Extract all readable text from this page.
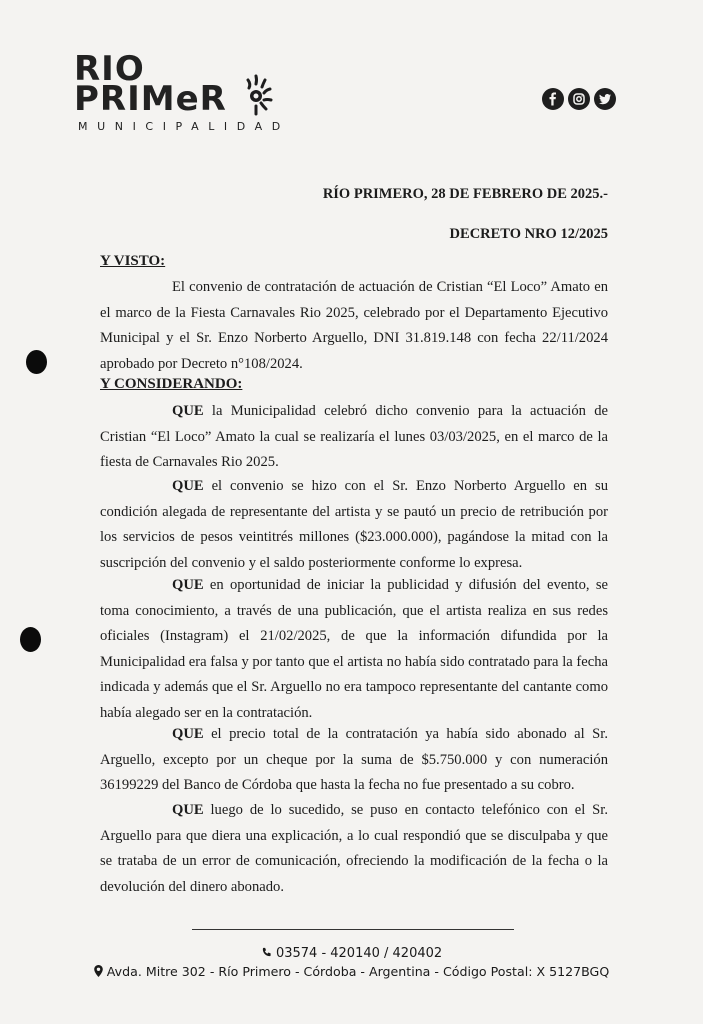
RIO
PRIMeR
MUNICIPALIDAD
RÍO PRIMERO, 28 DE FEBRERO DE 2025.-
DECRETO NRO 12/2025
Y VISTO:

El convenio de contratación de actuación de Cristian “El Loco” Amato en el marco de la Fiesta Carnavales Rio 2025, celebrado por el Departamento Ejecutivo Municipal y el Sr. Enzo Norberto Arguello, DNI 31.819.148 con fecha 22/11/2024 aprobado por Decreto n°108/2024.

Y CONSIDERANDO:

QUE la Municipalidad celebró dicho convenio para la actuación de Cristian “El Loco” Amato la cual se realizaría el lunes 03/03/2025, en el marco de la fiesta de Carnavales Rio 2025.

QUE el convenio se hizo con el Sr. Enzo Norberto Arguello en su condición alegada de representante del artista y se pautó un precio de retribución por los servicios de pesos veintitrés millones ($23.000.000), pagándose la mitad con la suscripción del convenio y el saldo posteriormente conforme lo expresa.

QUE en oportunidad de iniciar la publicidad y difusión del evento, se toma conocimiento, a través de una publicación, que el artista realiza en sus redes oficiales (Instagram) el 21/02/2025, de que la información difundida por la Municipalidad era falsa y por tanto que el artista no había sido contratado para la fecha indicada y además que el Sr. Arguello no era tampoco representante del cantante como había alegado ser en la contratación.

QUE el precio total de la contratación ya había sido abonado al Sr. Arguello, excepto por un cheque por la suma de $5.750.000 y con numeración 36199229 del Banco de Córdoba que hasta la fecha no fue presentado a su cobro.

QUE luego de lo sucedido, se puso en contacto telefónico con el Sr. Arguello para que diera una explicación, a lo cual respondió que se disculpaba y que se trataba de un error de comunicación, ofreciendo la modificación de la fecha o la devolución del dinero abonado.

03574 - 420140 / 420402
Avda. Mitre 302 - Río Primero - Córdoba - Argentina - Código Postal: X 5127BGQ
